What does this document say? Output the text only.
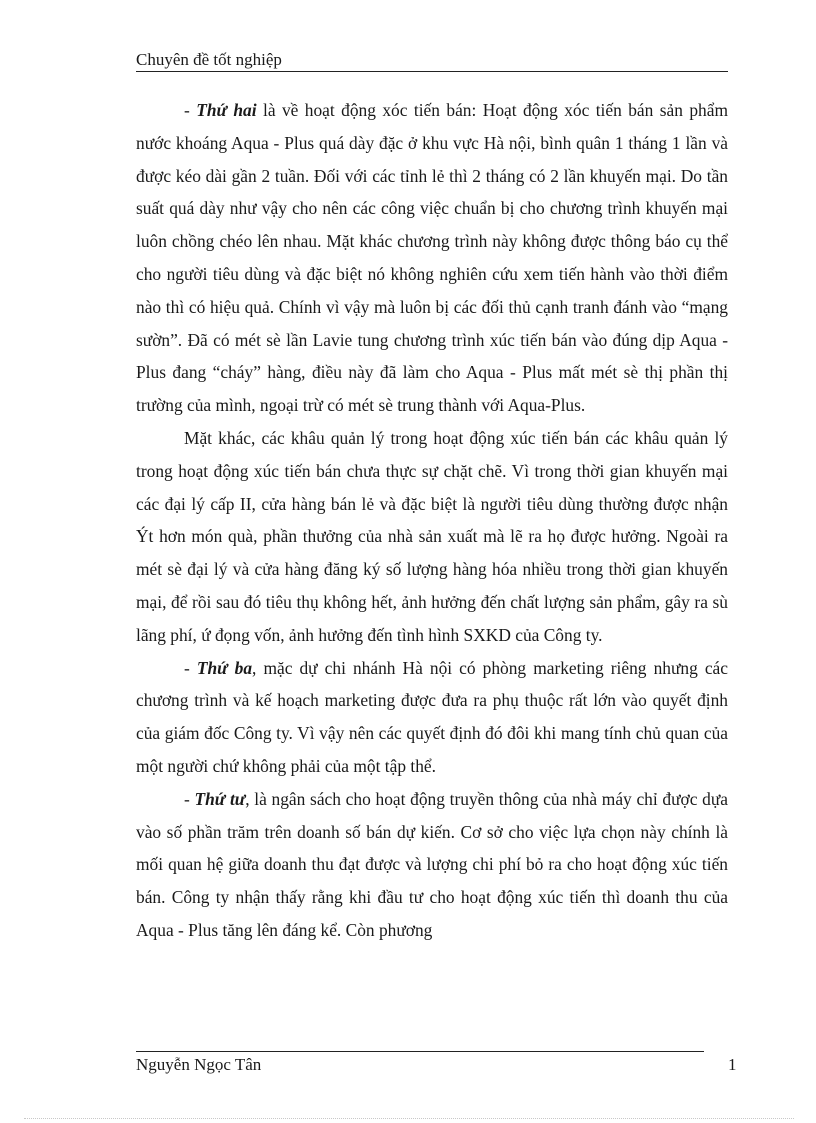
Chuyên đề tốt nghiệp

- Thứ hai là về hoạt động xóc tiến bán: Hoạt động xóc tiến bán sản phẩm nước khoáng Aqua - Plus quá dày đặc ở khu vực Hà nội, bình quân 1 tháng 1 lần và được kéo dài gần 2 tuần. Đối với các tỉnh lẻ thì 2 tháng có 2 lần khuyến mại. Do tần suất quá dày như vậy cho nên các công việc chuẩn bị cho chương trình khuyến mại luôn chồng chéo lên nhau. Mặt khác chương trình này không được thông báo cụ thể cho người tiêu dùng và đặc biệt nó không nghiên cứu xem tiến hành vào thời điểm nào thì có hiệu quả. Chính vì vậy mà luôn bị các đối thủ cạnh tranh đánh vào “mạng sườn”. Đã có mét sè lần Lavie tung chương trình xúc tiến bán vào đúng dịp Aqua - Plus đang “cháy” hàng, điều này đã làm cho Aqua - Plus mất mét sè thị phần thị trường của mình, ngoại trừ có mét sè trung thành với Aqua-Plus.

Mặt khác, các khâu quản lý trong hoạt động xúc tiến bán các khâu quản lý trong hoạt động xúc tiến bán chưa thực sự chặt chẽ. Vì trong thời gian khuyến mại các đại lý cấp II, cửa hàng bán lẻ và đặc biệt là người tiêu dùng thường được nhận Ýt hơn món quà, phần thưởng của nhà sản xuất mà lẽ ra họ được hưởng. Ngoài ra mét sè đại lý và cửa hàng đăng ký số lượng hàng hóa nhiều trong thời gian khuyến mại, để rồi sau đó tiêu thụ không hết, ảnh hưởng đến chất lượng sản phẩm, gây ra sù lãng phí, ứ đọng vốn, ảnh hưởng đến tình hình SXKD của Công ty.

- Thứ ba, mặc dự chi nhánh Hà nội có phòng marketing riêng nhưng các chương trình và kế hoạch marketing được đưa ra phụ thuộc rất lớn vào quyết định của giám đốc Công ty. Vì vậy nên các quyết định đó đôi khi mang tính chủ quan của một người chứ không phải của một tập thể.

- Thứ tư, là ngân sách cho hoạt động truyền thông của nhà máy chỉ được dựa vào số phần trăm trên doanh số bán dự kiến. Cơ sở cho việc lựa chọn này chính là mối quan hệ giữa doanh thu đạt được và lượng chi phí bỏ ra cho hoạt động xúc tiến bán. Công ty nhận thấy rằng khi đầu tư cho hoạt động xúc tiến thì doanh thu của Aqua - Plus tăng lên đáng kể. Còn phương

Nguyễn Ngọc Tân	1
